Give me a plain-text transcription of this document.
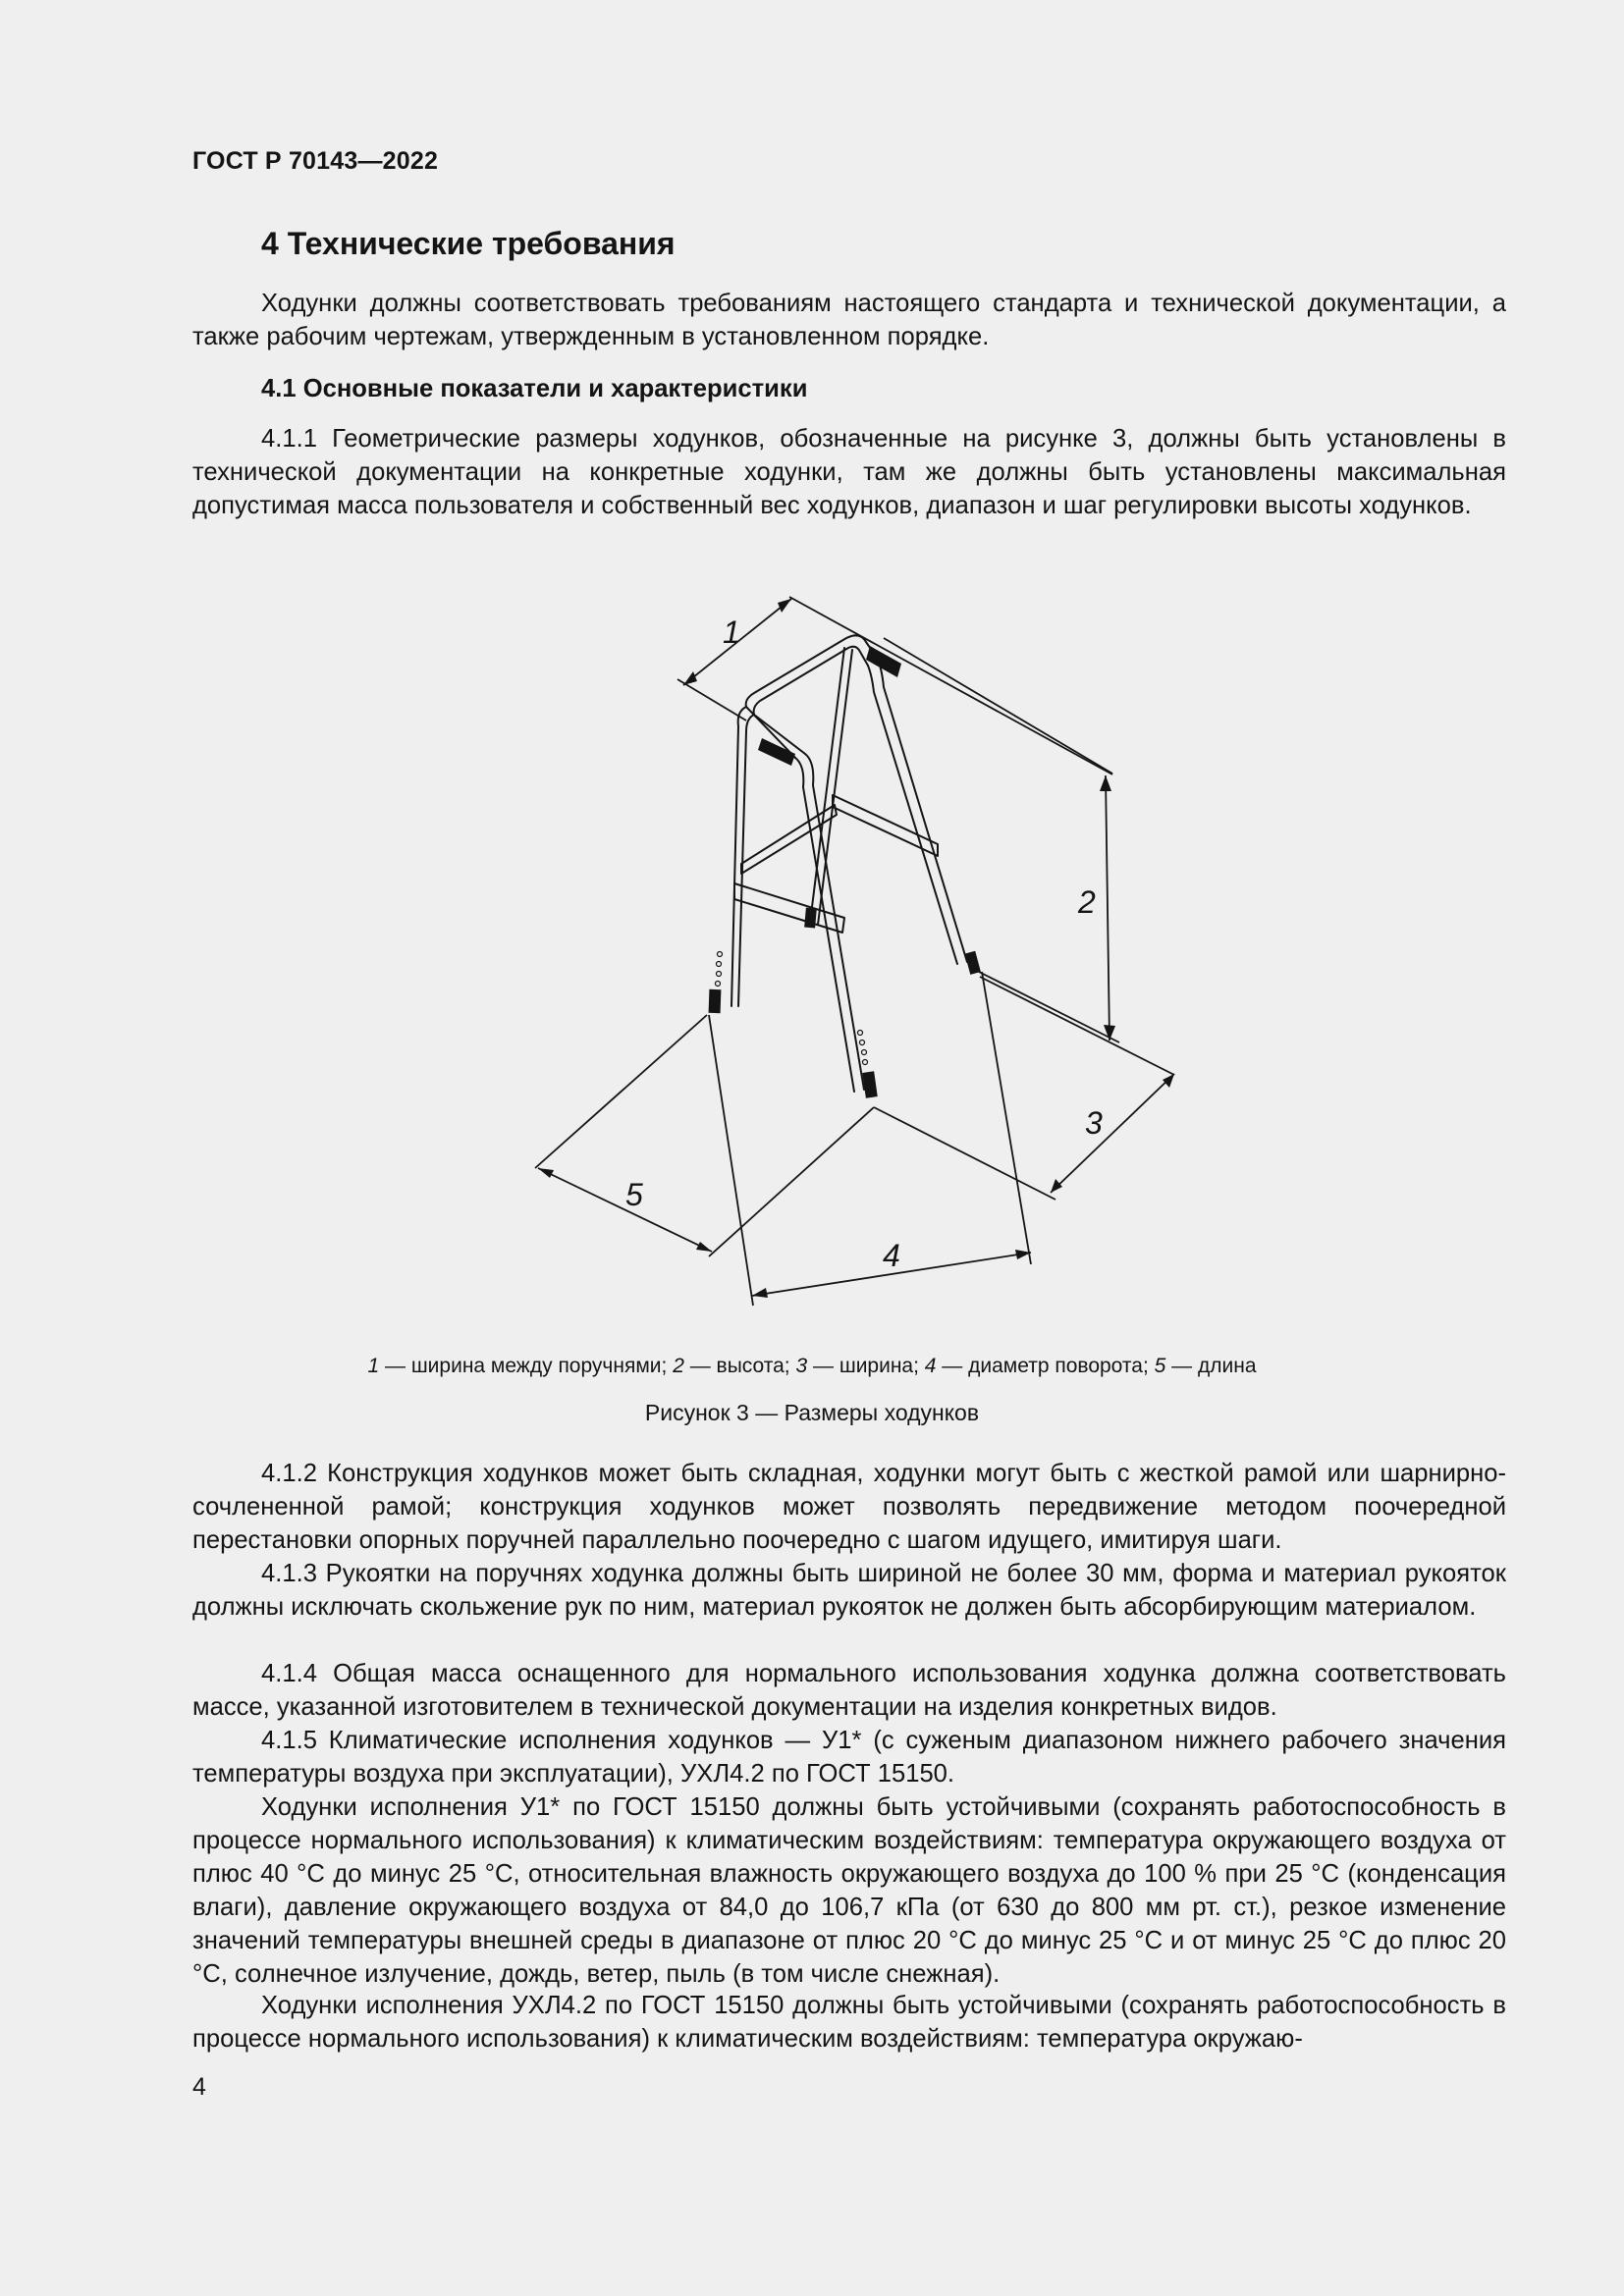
ГОСТ Р 70143—2022
4 Технические требования

Ходунки должны соответствовать требованиям настоящего стандарта и технической документации, а также рабочим чертежам, утвержденным в установленном порядке.

4.1 Основные показатели и характеристики

4.1.1 Геометрические размеры ходунков, обозначенные на рисунке 3, должны быть установлены в технической документации на конкретные ходунки, там же должны быть установлены максимальная допустимая масса пользователя и собственный вес ходунков, диапазон и шаг регулировки высоты ходунков.

1
2
3
4
5
1 — ширина между поручнями; 2 — высота; 3 — ширина; 4 — диаметр поворота; 5 — длина
Рисунок 3 — Размеры ходунков

4.1.2 Конструкция ходунков может быть складная, ходунки могут быть с жесткой рамой или шарнирно-сочлененной рамой; конструкция ходунков может позволять передвижение методом поочередной перестановки опорных поручней параллельно поочередно с шагом идущего, имитируя шаги.

4.1.3 Рукоятки на поручнях ходунка должны быть шириной не более 30 мм, форма и материал рукояток должны исключать скольжение рук по ним, материал рукояток не должен быть абсорбирующим материалом.

4.1.4 Общая масса оснащенного для нормального использования ходунка должна соответствовать массе, указанной изготовителем в технической документации на изделия конкретных видов.

4.1.5 Климатические исполнения ходунков — У1* (с суженым диапазоном нижнего рабочего значения температуры воздуха при эксплуатации), УХЛ4.2 по ГОСТ 15150.

Ходунки исполнения У1* по ГОСТ 15150 должны быть устойчивыми (сохранять работоспособность в процессе нормального использования) к климатическим воздействиям: температура окружающего воздуха от плюс 40 °С до минус 25 °С, относительная влажность окружающего воздуха до 100 % при 25 °С (конденсация влаги), давление окружающего воздуха от 84,0 до 106,7 кПа (от 630 до 800 мм рт. ст.), резкое изменение значений температуры внешней среды в диапазоне от плюс 20 °С до минус 25 °С и от минус 25 °С до плюс 20 °С, солнечное излучение, дождь, ветер, пыль (в том числе снежная).

Ходунки исполнения УХЛ4.2 по ГОСТ 15150 должны быть устойчивыми (сохранять работоспособность в процессе нормального использования) к климатическим воздействиям: температура окружаю-

4
